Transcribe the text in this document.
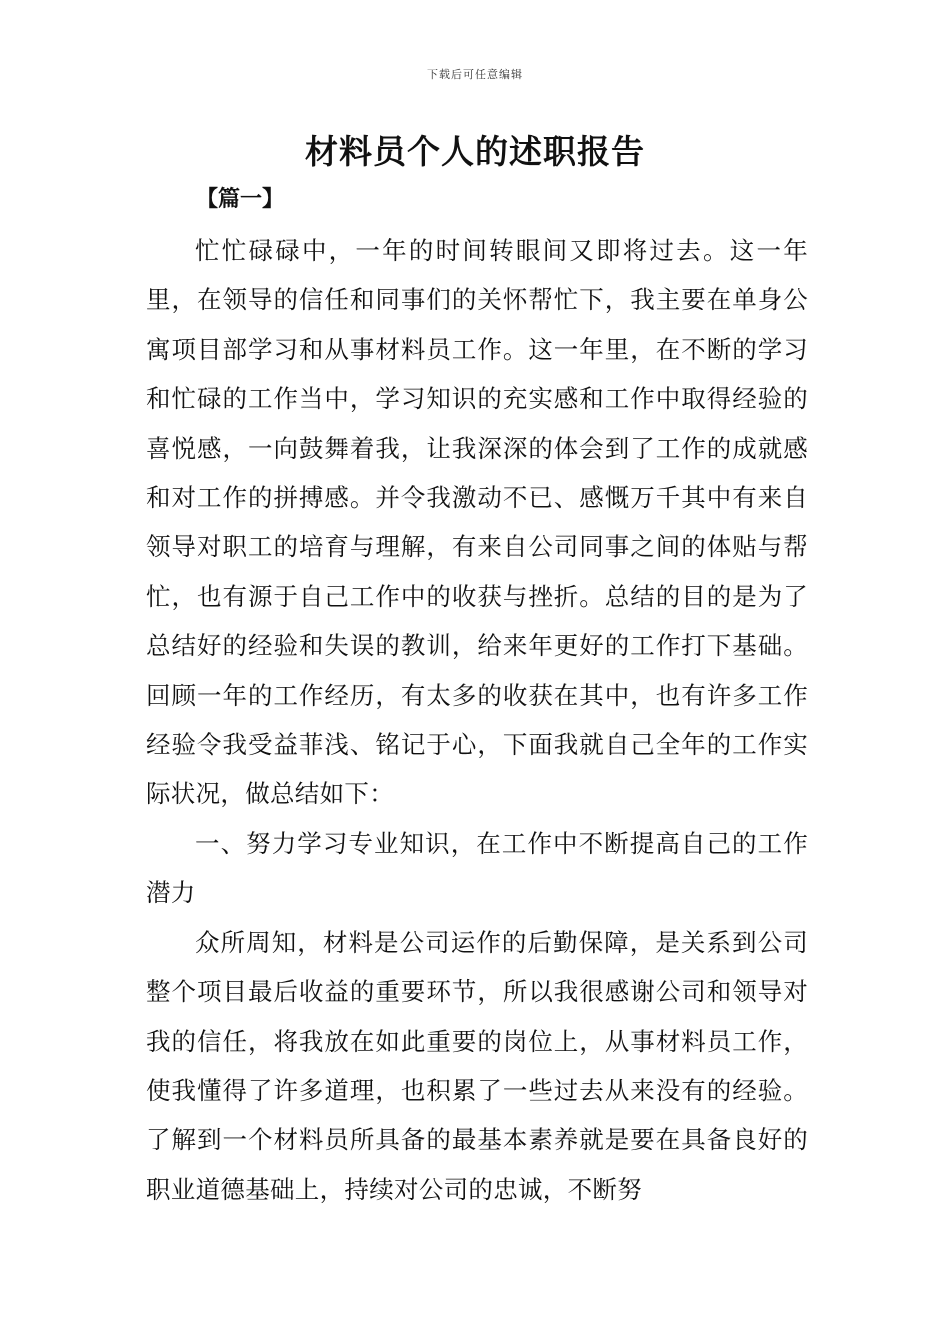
下载后可任意编辑
材料员个人的述职报告
【篇一】

忙忙碌碌中，一年的时间转眼间又即将过去。这一年里，在领导的信任和同事们的关怀帮忙下，我主要在单身公寓项目部学习和从事材料员工作。这一年里，在不断的学习和忙碌的工作当中，学习知识的充实感和工作中取得经验的喜悦感，一向鼓舞着我，让我深深的体会到了工作的成就感和对工作的拼搏感。并令我激动不已、感慨万千其中有来自领导对职工的培育与理解，有来自公司同事之间的体贴与帮忙，也有源于自己工作中的收获与挫折。总结的目的是为了总结好的经验和失误的教训，给来年更好的工作打下基础。回顾一年的工作经历，有太多的收获在其中，也有许多工作经验令我受益菲浅、铭记于心，下面我就自己全年的工作实际状况，做总结如下：

一、努力学习专业知识，在工作中不断提高自己的工作潜力

众所周知，材料是公司运作的后勤保障，是关系到公司整个项目最后收益的重要环节，所以我很感谢公司和领导对我的信任，将我放在如此重要的岗位上，从事材料员工作，使我懂得了许多道理，也积累了一些过去从来没有的经验。了解到一个材料员所具备的最基本素养就是要在具备良好的职业道德基础上，持续对公司的忠诚，不断努
